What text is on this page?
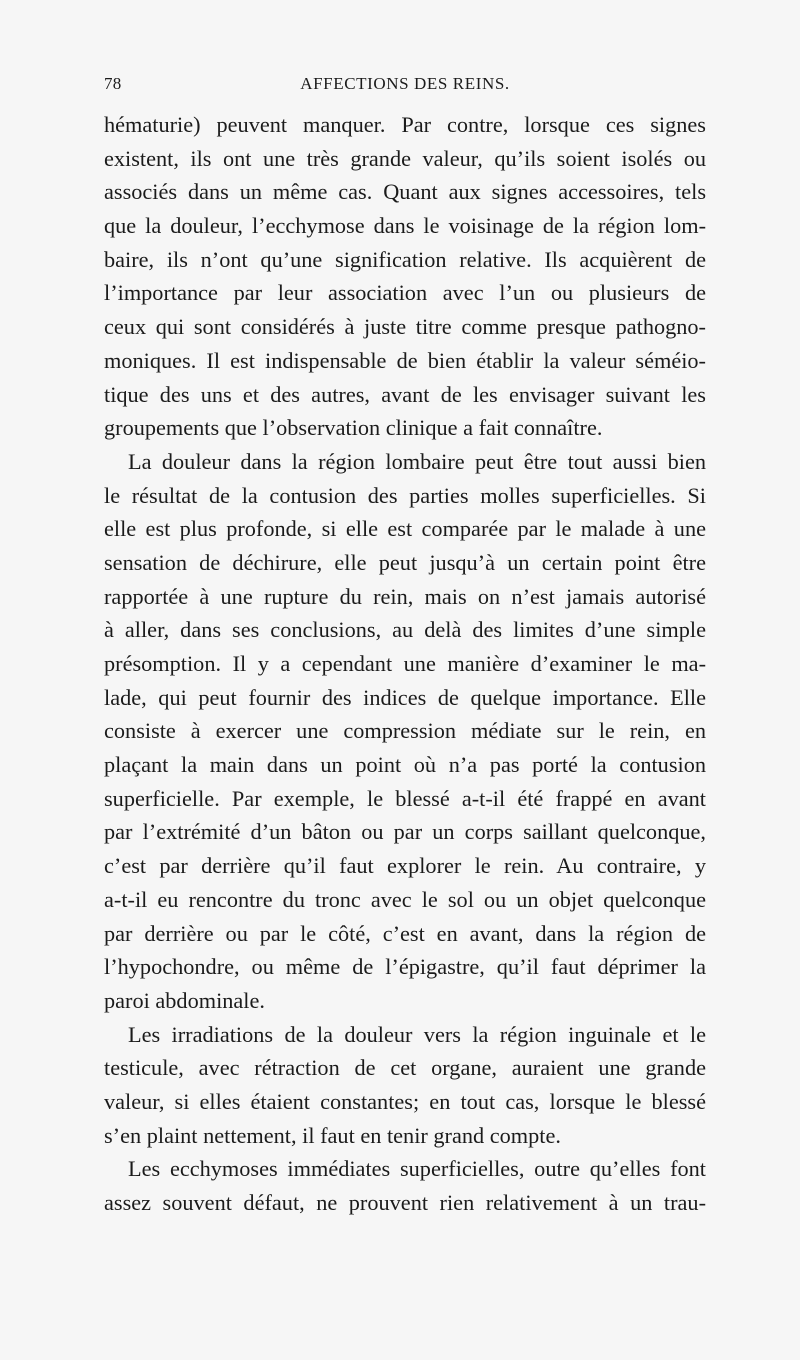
78	AFFECTIONS DES REINS.
hématurie) peuvent manquer. Par contre, lorsque ces signes
existent, ils ont une très grande valeur, qu’ils soient isolés ou
associés dans un même cas. Quant aux signes accessoires, tels
que la douleur, l’ecchymose dans le voisinage de la région lom-
baire, ils n’ont qu’une signification relative. Ils acquièrent de
l’importance par leur association avec l’un ou plusieurs de
ceux qui sont considérés à juste titre comme presque pathogno-
moniques. Il est indispensable de bien établir la valeur séméio-
tique des uns et des autres, avant de les envisager suivant les
groupements que l’observation clinique a fait connaître.
La douleur dans la région lombaire peut être tout aussi bien
le résultat de la contusion des parties molles superficielles. Si
elle est plus profonde, si elle est comparée par le malade à une
sensation de déchirure, elle peut jusqu’à un certain point être
rapportée à une rupture du rein, mais on n’est jamais autorisé
à aller, dans ses conclusions, au delà des limites d’une simple
présomption. Il y a cependant une manière d’examiner le ma-
lade, qui peut fournir des indices de quelque importance. Elle
consiste à exercer une compression médiate sur le rein, en
plaçant la main dans un point où n’a pas porté la contusion
superficielle. Par exemple, le blessé a-t-il été frappé en avant
par l’extrémité d’un bâton ou par un corps saillant quelconque,
c’est par derrière qu’il faut explorer le rein. Au contraire, y
a-t-il eu rencontre du tronc avec le sol ou un objet quelconque
par derrière ou par le côté, c’est en avant, dans la région de
l’hypochondre, ou même de l’épigastre, qu’il faut déprimer la
paroi abdominale.
Les irradiations de la douleur vers la région inguinale et le
testicule, avec rétraction de cet organe, auraient une grande
valeur, si elles étaient constantes; en tout cas, lorsque le blessé
s’en plaint nettement, il faut en tenir grand compte.
Les ecchymoses immédiates superficielles, outre qu’elles font
assez souvent défaut, ne prouvent rien relativement à un trau-
